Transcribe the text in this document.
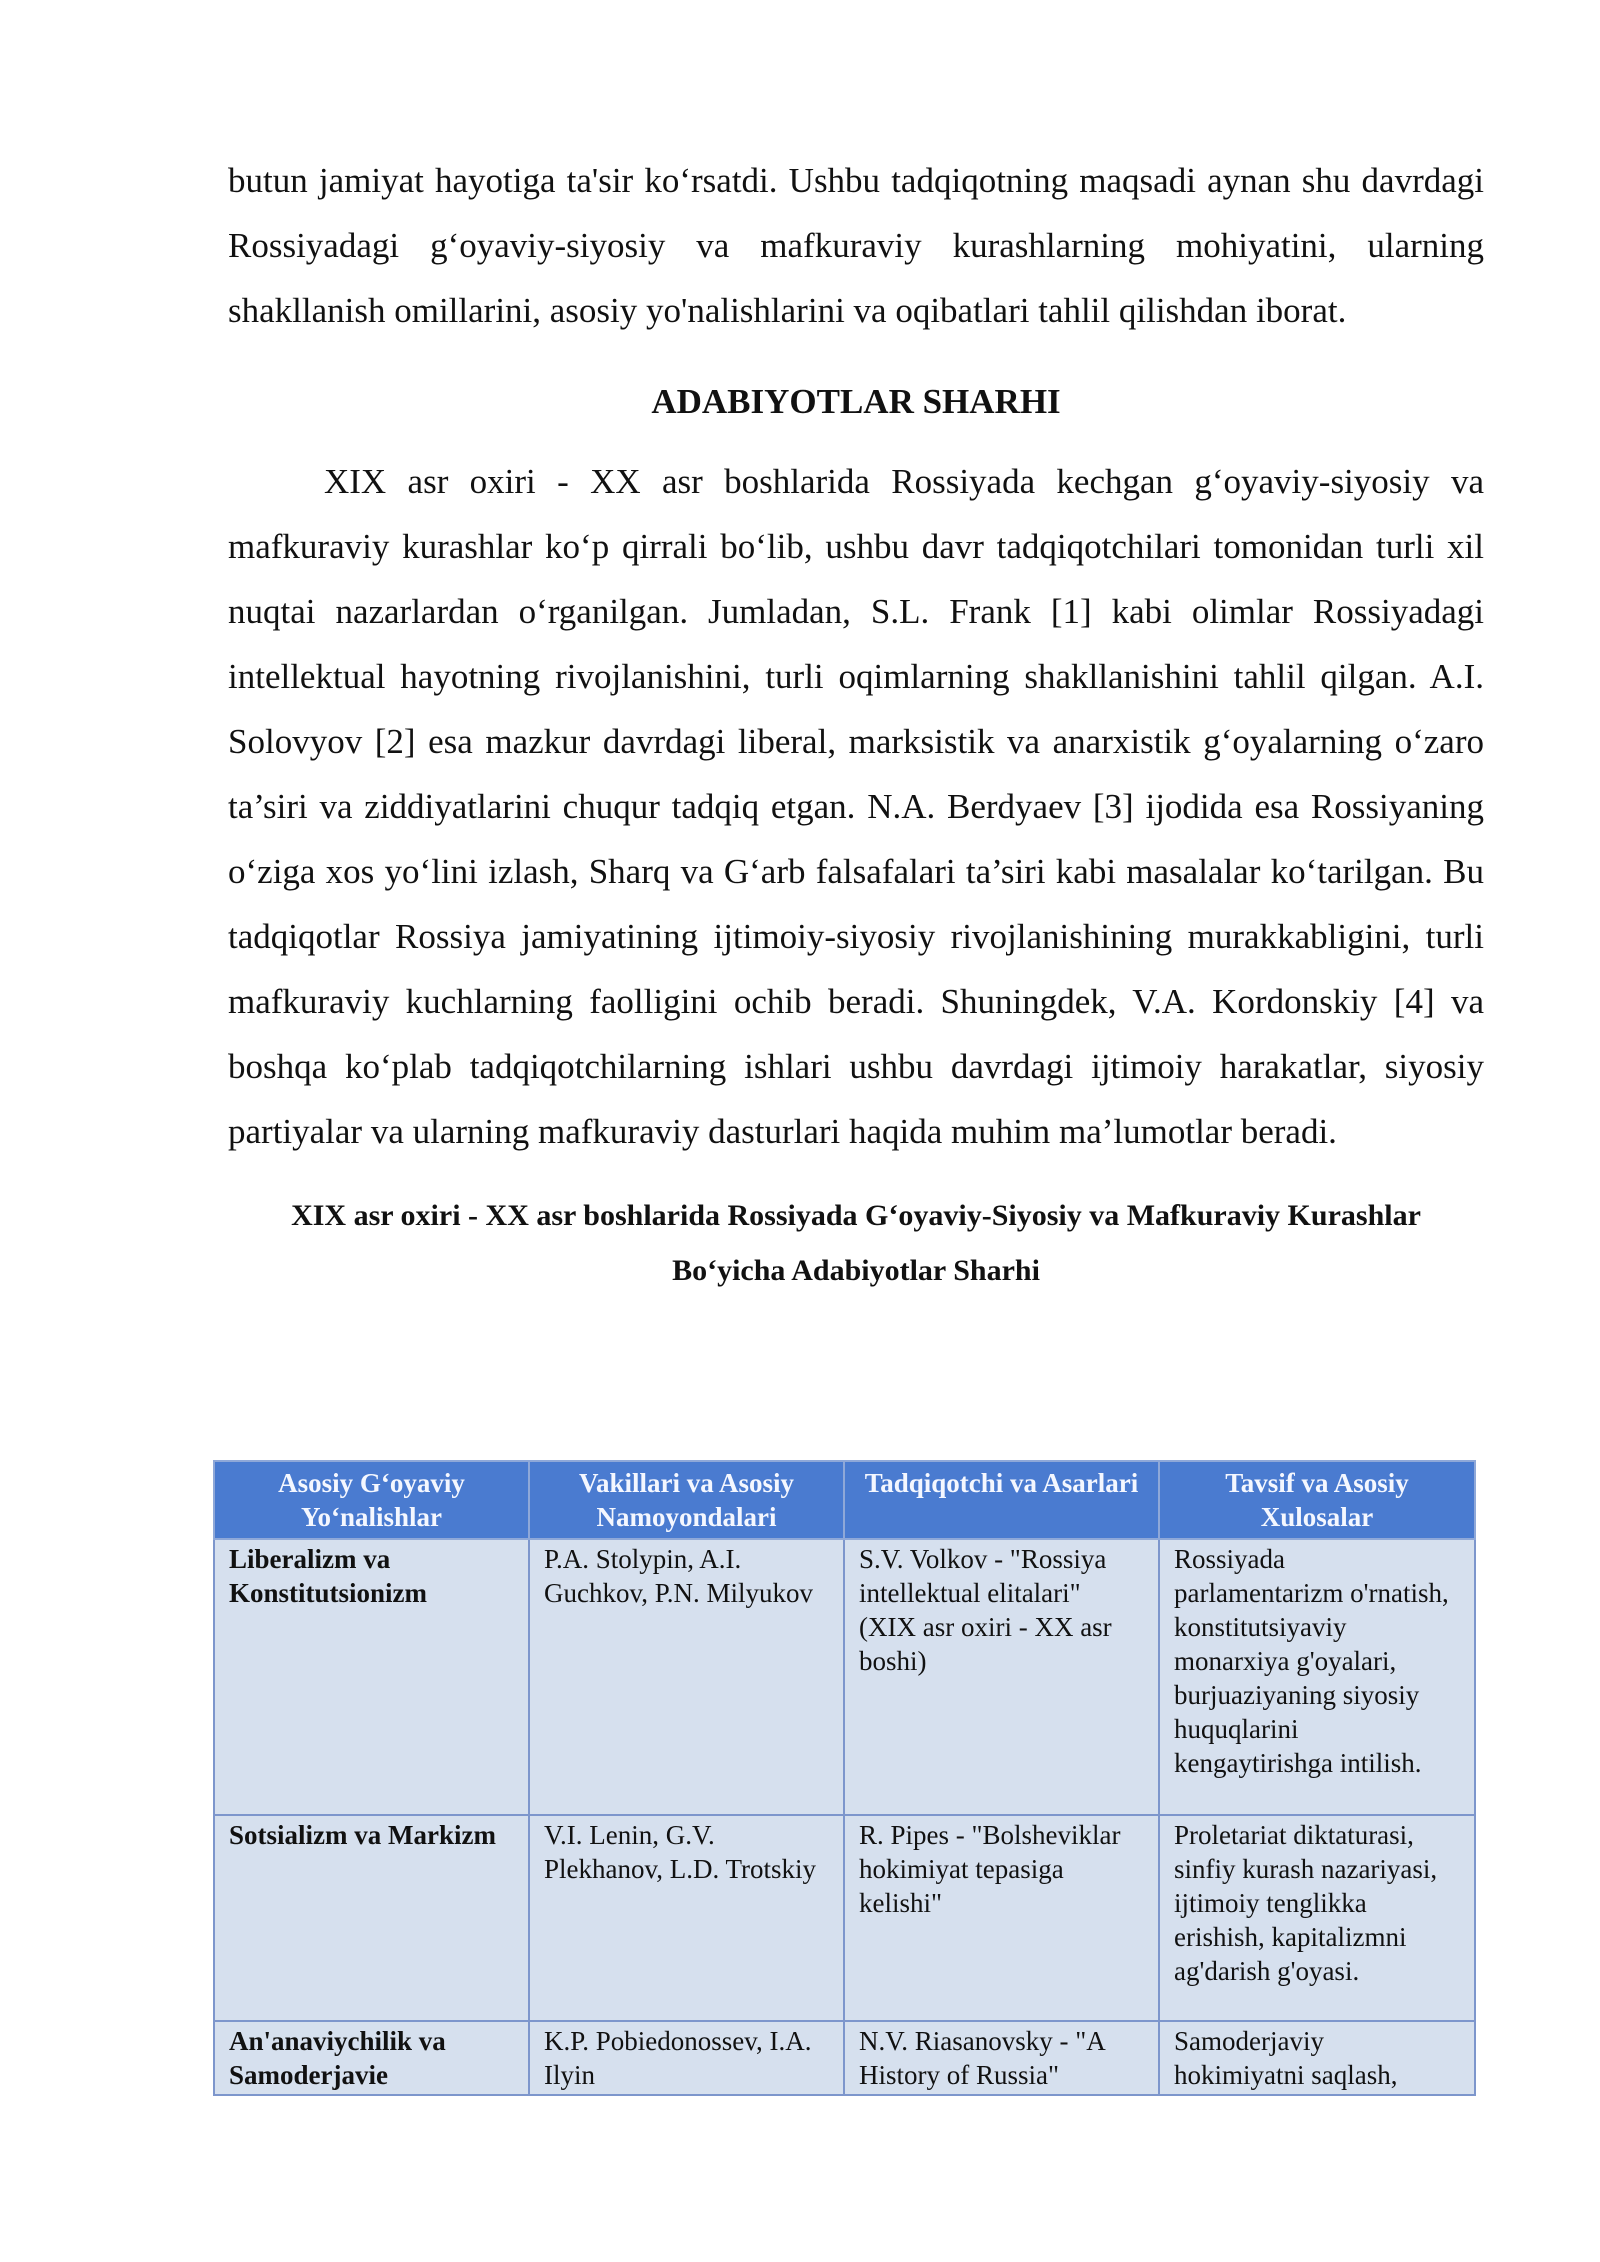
butun jamiyat hayotiga ta'sir ko‘rsatdi. Ushbu tadqiqotning maqsadi aynan shu davrdagi Rossiyadagi g‘oyaviy-siyosiy va mafkuraviy kurashlarning mohiyatini, ularning shakllanish omillarini, asosiy yo'nalishlarini va oqibatlari tahlil qilishdan iborat.

ADABIYOTLAR SHARHI

XIX asr oxiri - XX asr boshlarida Rossiyada kechgan g‘oyaviy-siyosiy va mafkuraviy kurashlar ko‘p qirrali bo‘lib, ushbu davr tadqiqotchilari tomonidan turli xil nuqtai nazarlardan o‘rganilgan. Jumladan, S.L. Frank [1] kabi olimlar Rossiyadagi intellektual hayotning rivojlanishini, turli oqimlarning shakllanishini tahlil qilgan. A.I. Solovyov [2] esa mazkur davrdagi liberal, marksistik va anarxistik g‘oyalarning o‘zaro ta’siri va ziddiyatlarini chuqur tadqiq etgan. N.A. Berdyaev [3] ijodida esa Rossiyaning o‘ziga xos yo‘lini izlash, Sharq va G‘arb falsafalari ta’siri kabi masalalar ko‘tarilgan. Bu tadqiqotlar Rossiya jamiyatining ijtimoiy-siyosiy rivojlanishining murakkabligini, turli mafkuraviy kuchlarning faolligini ochib beradi. Shuningdek, V.A. Kordonskiy [4] va boshqa ko‘plab tadqiqotchilarning ishlari ushbu davrdagi ijtimoiy harakatlar, siyosiy partiyalar va ularning mafkuraviy dasturlari haqida muhim ma’lumotlar beradi.

XIX asr oxiri - XX asr boshlarida Rossiyada G‘oyaviy-Siyosiy va Mafkuraviy Kurashlar Bo‘yicha Adabiyotlar Sharhi

Asosiy G‘oyaviy Yo‘nalishlar	Vakillari va Asosiy Namoyondalari	Tadqiqotchi va Asarlari	Tavsif va Asosiy Xulosalar
Liberalizm va Konstitutsionizm	P.A. Stolypin, A.I. Guchkov, P.N. Milyukov	S.V. Volkov - "Rossiya intellektual elitalari" (XIX asr oxiri - XX asr boshi)	Rossiyada parlamentarizm o'rnatish, konstitutsiyaviy monarxiya g'oyalari, burjuaziyaning siyosiy huquqlarini kengaytirishga intilish.
Sotsializm va Markizm	V.I. Lenin, G.V. Plekhanov, L.D. Trotskiy	R. Pipes - "Bolsheviklar hokimiyat tepasiga kelishi"	Proletariat diktaturasi, sinfiy kurash nazariyasi, ijtimoiy tenglikka erishish, kapitalizmni ag'darish g'oyasi.
An'anaviychilik va Samoderjavie	K.P. Pobiedonossev, I.A. Ilyin	N.V. Riasanovsky - "A History of Russia"	Samoderjaviy hokimiyatni saqlash,
